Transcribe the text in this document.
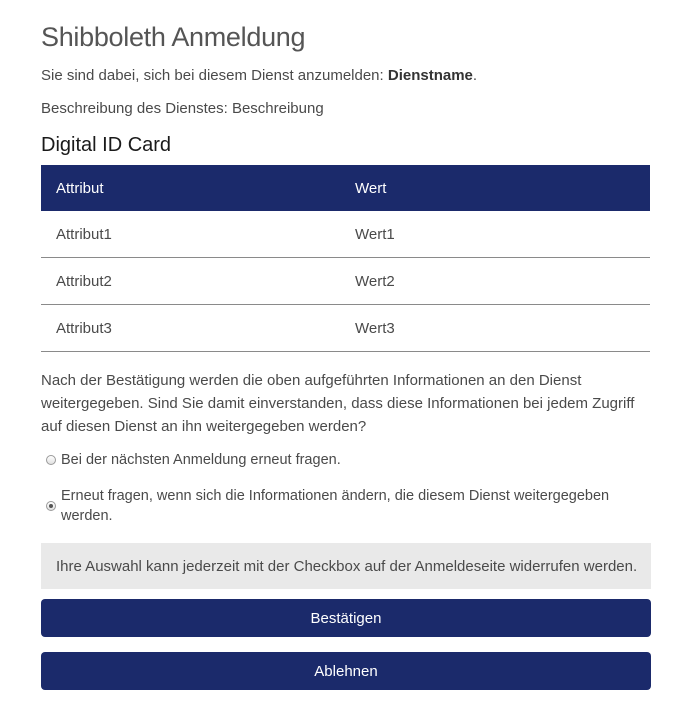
Shibboleth Anmeldung

Sie sind dabei, sich bei diesem Dienst anzumelden: Dienstname.

Beschreibung des Dienstes: Beschreibung

Digital ID Card
Attribut	Wert
Attribut1	Wert1
Attribut2	Wert2
Attribut3	Wert3

Nach der Bestätigung werden die oben aufgeführten Informationen an den Dienst weitergegeben. Sind Sie damit einverstanden, dass diese Informationen bei jedem Zugriff auf diesen Dienst an ihn weitergegeben werden?

Bei der nächsten Anmeldung erneut fragen.
Erneut fragen, wenn sich die Informationen ändern, die diesem Dienst weitergegeben werden.
Ihre Auswahl kann jederzeit mit der Checkbox auf der Anmeldeseite widerrufen werden.
Bestätigen
Ablehnen
